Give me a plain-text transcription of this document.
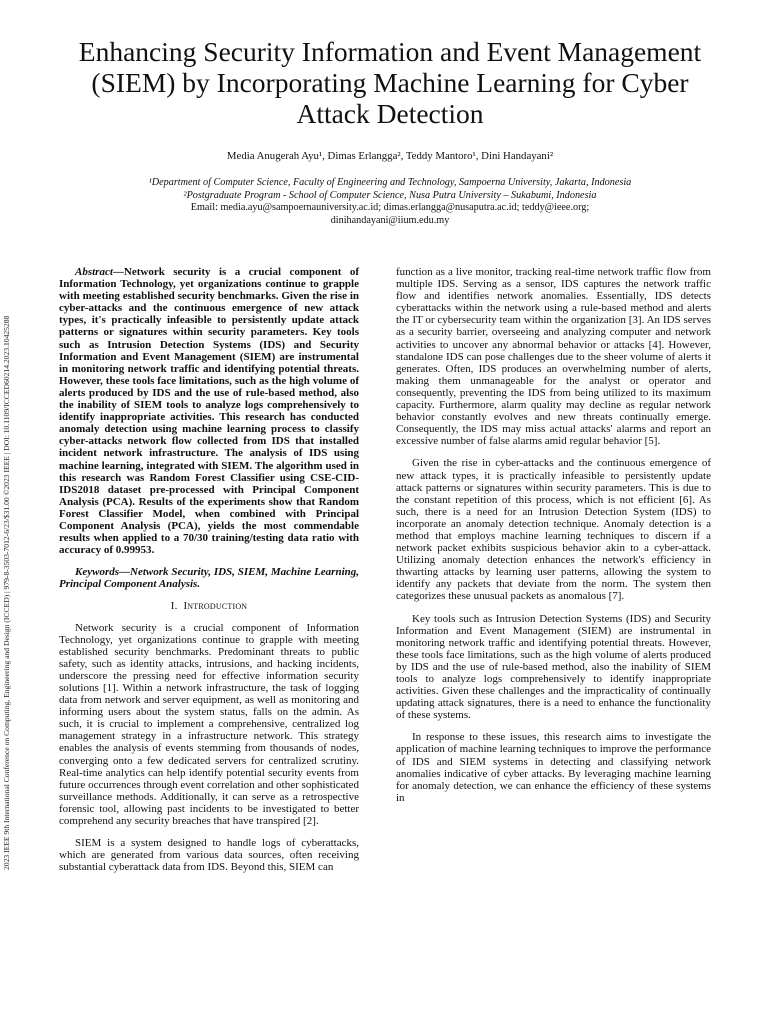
2023 IEEE 9th International Conference on Computing, Engineering and Design (ICCED) | 979-8-3503-7012-6/23/$31.00 ©2023 IEEE | DOI: 10.1109/ICCED60214.2023.10425288
Enhancing Security Information and Event Management (SIEM) by Incorporating Machine Learning for Cyber Attack Detection
Media Anugerah Ayu¹, Dimas Erlangga², Teddy Mantoro¹, Dini Handayani²
¹Department of Computer Science, Faculty of Engineering and Technology, Sampoerna University, Jakarta, Indonesia
²Postgraduate Program - School of Computer Science, Nusa Putra University – Sukabumi, Indonesia
Email: media.ayu@sampoernauniversity.ac.id; dimas.erlangga@nusaputra.ac.id; teddy@ieee.org;
dinihandayani@iium.edu.my

Abstract—Network security is a crucial component of Information Technology, yet organizations continue to grapple with meeting established security benchmarks. Given the rise in cyber-attacks and the continuous emergence of new attack types, it's practically infeasible to persistently update attack patterns or signatures within security parameters. Key tools such as Intrusion Detection Systems (IDS) and Security Information and Event Management (SIEM) are instrumental in monitoring network traffic and identifying potential threats. However, these tools face limitations, such as the high volume of alerts produced by IDS and the use of rule-based method, also the inability of SIEM tools to analyze logs comprehensively to identify inappropriate activities. This research has conducted anomaly detection using machine learning process to classify cyber-attacks network flow collected from IDS that installed incident network infrastructure. The analysis of IDS using machine learning, integrated with SIEM. The algorithm used in this research was Random Forest Classifier using CSE-CID-IDS2018 dataset pre-processed with Principal Component Analysis (PCA). Results of the experiments show that Random Forest Classifier Model, when combined with Principal Component Analysis (PCA), yields the most commendable results when applied to a 70/30 training/testing data ratio with accuracy of 0.99953.

Keywords—Network Security, IDS, SIEM, Machine Learning, Principal Component Analysis.

I. Introduction

Network security is a crucial component of Information Technology, yet organizations continue to grapple with meeting established security benchmarks. Predominant threats to public safety, such as identity attacks, intrusions, and hacking incidents, underscore the pressing need for effective information security solutions [1]. Within a network infrastructure, the task of logging data from network and server equipment, as well as monitoring and informing users about the system status, falls on the admin. As such, it is crucial to implement a comprehensive, centralized log management strategy in a infrastructure network. This strategy enables the analysis of events stemming from thousands of nodes, converging onto a few dedicated servers for centralized scrutiny. Real-time analytics can help identify potential security events from future occurrences through event correlation and other sophisticated surveillance methods. Additionally, it can serve as a retrospective forensic tool, allowing past incidents to be investigated to better comprehend any security breaches that have transpired [2].

SIEM is a system designed to handle logs of cyberattacks, which are generated from various data sources, often receiving substantial cyberattack data from IDS. Beyond this, SIEM can

function as a live monitor, tracking real-time network traffic flow from multiple IDS. Serving as a sensor, IDS captures the network traffic flow and identifies network anomalies. Essentially, IDS detects cyberattacks within the network using a rule-based method and alerts the IT or cybersecurity team within the organization [3]. An IDS serves as a security barrier, overseeing and analyzing computer and network activities to uncover any abnormal behavior or attacks [4]. However, standalone IDS can pose challenges due to the sheer volume of alerts it generates. Often, IDS produces an overwhelming number of alerts, making them unmanageable for the analyst or operator and consequently, preventing the IDS from being utilized to its maximum capacity. Furthermore, alarm quality may decline as regular network behavior constantly evolves and new threats continually emerge. Consequently, the IDS may miss actual attacks' alarms and report an excessive number of false alarms amid regular behavior [5].

Given the rise in cyber-attacks and the continuous emergence of new attack types, it is practically infeasible to persistently update attack patterns or signatures within security parameters. This is due to the constant repetition of this process, which is not efficient [6]. As such, there is a need for an Intrusion Detection System (IDS) to incorporate an anomaly detection technique. Anomaly detection is a method that employs machine learning techniques to discern if a network packet exhibits suspicious behavior akin to a cyber-attack. Utilizing anomaly detection enhances the network's efficiency in thwarting attacks by learning user patterns, allowing the system to identify any packets that deviate from the norm. The system then categorizes these unusual packets as anomalous [7].

Key tools such as Intrusion Detection Systems (IDS) and Security Information and Event Management (SIEM) are instrumental in monitoring network traffic and identifying potential threats. However, these tools face limitations, such as the high volume of alerts produced by IDS and the use of rule-based method, also the inability of SIEM tools to analyze logs comprehensively to identify inappropriate activities. Given these challenges and the impracticality of continually updating attack signatures, there is a need to enhance the functionality of these systems.

In response to these issues, this research aims to investigate the application of machine learning techniques to improve the performance of IDS and SIEM systems in detecting and classifying network anomalies indicative of cyber attacks. By leveraging machine learning for anomaly detection, we can enhance the efficiency of these systems in
